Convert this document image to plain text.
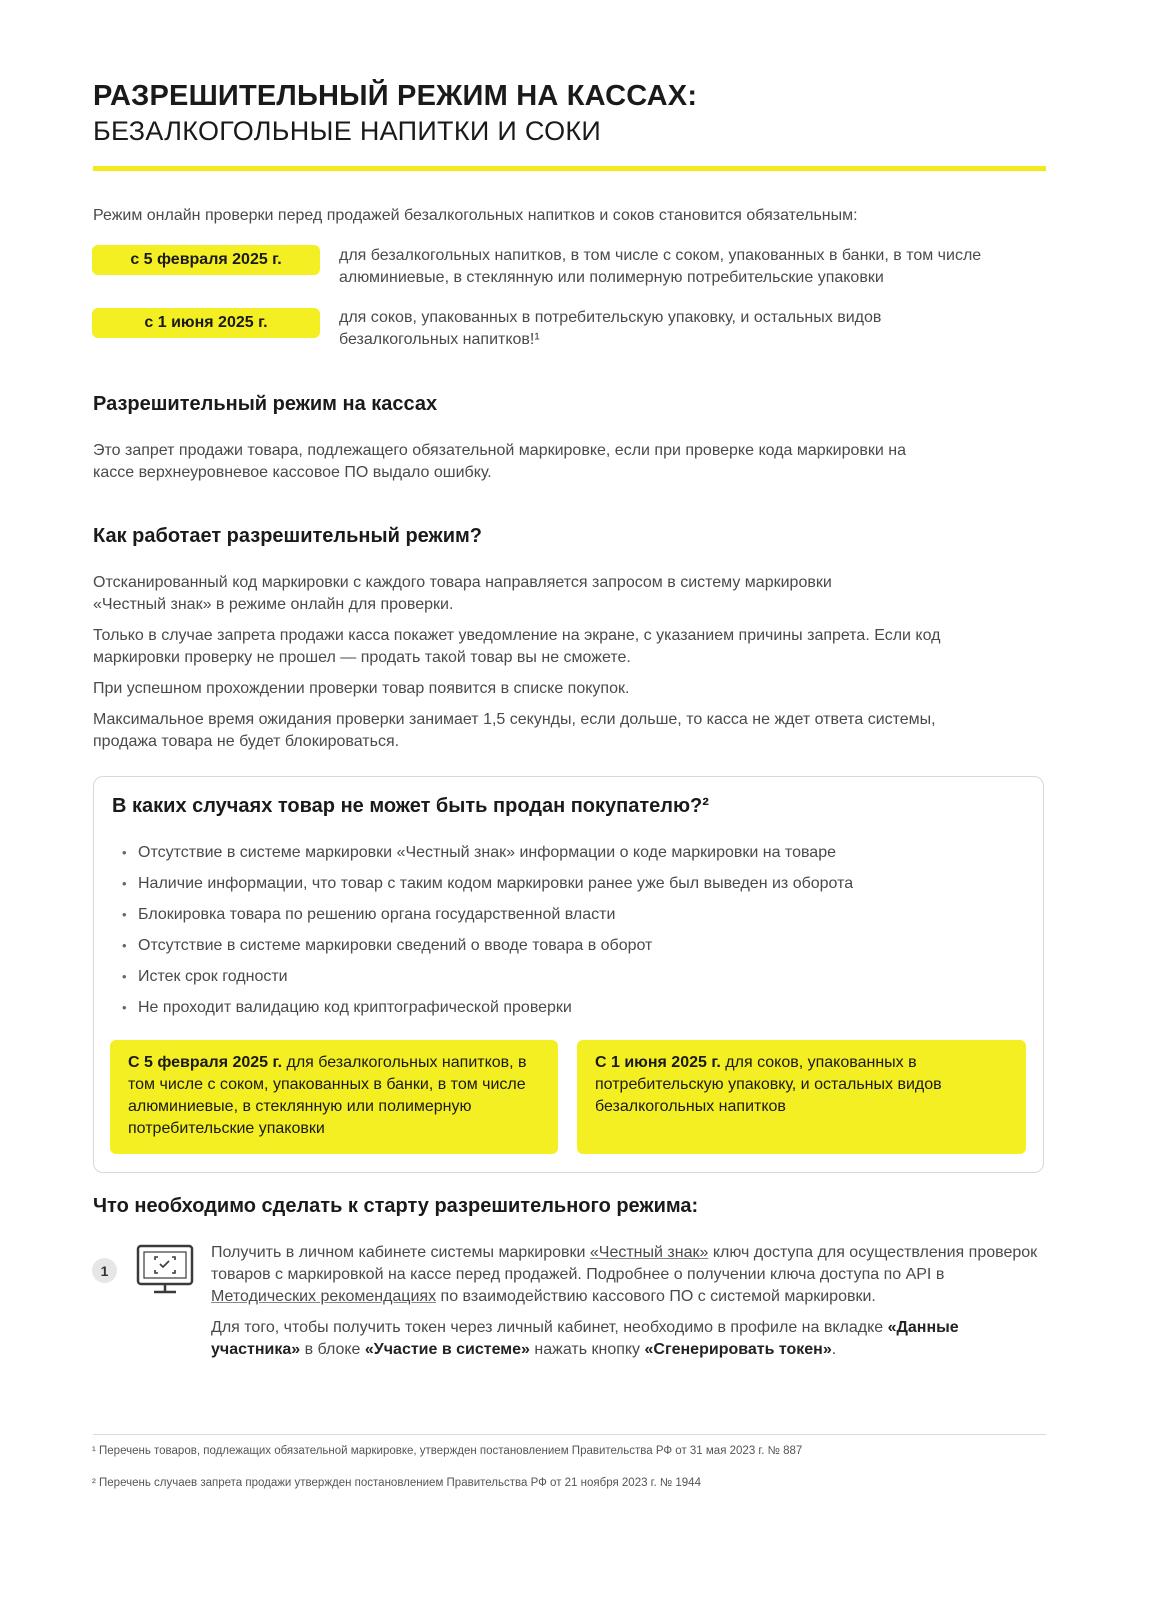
РАЗРЕШИТЕЛЬНЫЙ РЕЖИМ НА КАССАХ:
БЕЗАЛКОГОЛЬНЫЕ НАПИТКИ И СОКИ
Режим онлайн проверки перед продажей безалкогольных напитков и соков становится обязательным:
с 5 февраля 2025 г.	для безалкогольных напитков, в том числе с соком, упакованных в банки, в том числе
алюминиевые, в стеклянную или полимерную потребительские упаковки
с 1 июня 2025 г.	для соков, упакованных в потребительскую упаковку, и остальных видов
безалкогольных напитков!¹
Разрешительный режим на кассах
Это запрет продажи товара, подлежащего обязательной маркировке, если при проверке кода маркировки на
кассе верхнеуровневое кассовое ПО выдало ошибку.
Как работает разрешительный режим?
Отсканированный код маркировки с каждого товара направляется запросом в систему маркировки
«Честный знак» в режиме онлайн для проверки.
Только в случае запрета продажи касса покажет уведомление на экране, с указанием причины запрета. Если код
маркировки проверку не прошел — продать такой товар вы не сможете.
При успешном прохождении проверки товар появится в списке покупок.
Максимальное время ожидания проверки занимает 1,5 секунды, если дольше, то касса не ждет ответа системы,
продажа товара не будет блокироваться.
В каких случаях товар не может быть продан покупателю?²
• Отсутствие в системе маркировки «Честный знак» информации о коде маркировки на товаре
• Наличие информации, что товар с таким кодом маркировки ранее уже был выведен из оборота
• Блокировка товара по решению органа государственной власти
• Отсутствие в системе маркировки сведений о вводе товара в оборот
• Истек срок годности
• Не проходит валидацию код криптографической проверки
С 5 февраля 2025 г. для безалкогольных напитков, в том числе с соком, упакованных в банки, в том числе алюминиевые, в стеклянную или полимерную потребительские упаковки
С 1 июня 2025 г. для соков, упакованных в потребительскую упаковку, и остальных видов безалкогольных напитков
Что необходимо сделать к старту разрешительного режима:
1
Получить в личном кабинете системы маркировки «Честный знак» ключ доступа для осуществления проверок товаров с маркировкой на кассе перед продажей. Подробнее о получении ключа доступа по API в Методических рекомендациях по взаимодействию кассового ПО с системой маркировки.
Для того, чтобы получить токен через личный кабинет, необходимо в профиле на вкладке «Данные участника» в блоке «Участие в системе» нажать кнопку «Сгенерировать токен».
¹ Перечень товаров, подлежащих обязательной маркировке, утвержден постановлением Правительства РФ от 31 мая 2023 г. № 887
² Перечень случаев запрета продажи утвержден постановлением Правительства РФ от 21 ноября 2023 г. № 1944
